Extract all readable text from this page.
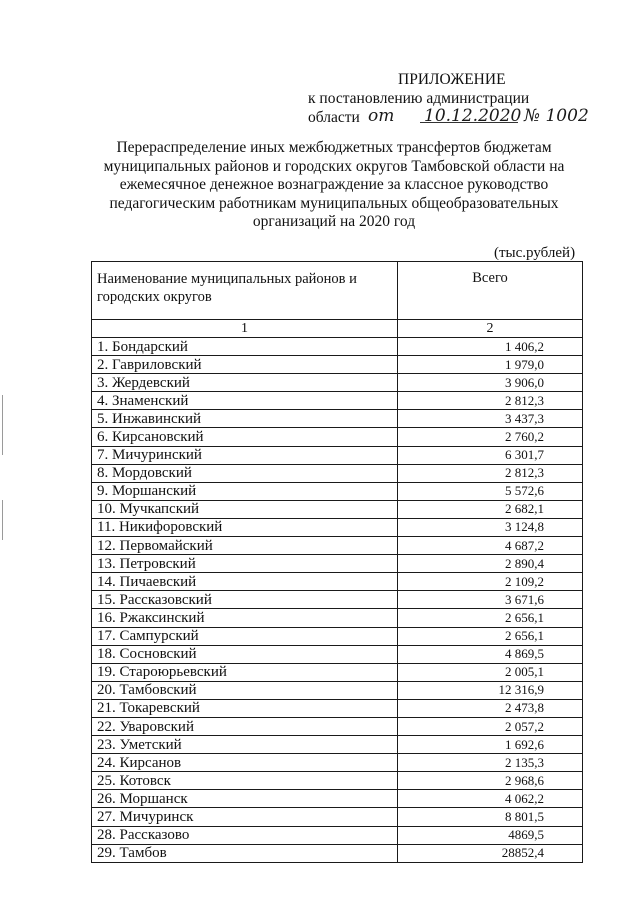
ПРИЛОЖЕНИЕ
к постановлению администрации области от 10.12.2020 № 1002
Перераспределение иных межбюджетных трансфертов бюджетам
муниципальных районов и городских округов Тамбовской области на
ежемесячное денежное вознаграждение за классное руководство
педагогическим работникам муниципальных общеобразовательных
организаций на 2020 год
(тыс.рублей)
Наименование муниципальных районов и городских округов	Всего
1	2
1. Бондарский	1 406,2
2. Гавриловский	1 979,0
3. Жердевский	3 906,0
4. Знаменский	2 812,3
5. Инжавинский	3 437,3
6. Кирсановский	2 760,2
7. Мичуринский	6 301,7
8. Мордовский	2 812,3
9. Моршанский	5 572,6
10. Мучкапский	2 682,1
11. Никифоровский	3 124,8
12. Первомайский	4 687,2
13. Петровский	2 890,4
14. Пичаевский	2 109,2
15. Рассказовский	3 671,6
16. Ржаксинский	2 656,1
17. Сампурский	2 656,1
18. Сосновский	4 869,5
19. Староюрьевский	2 005,1
20. Тамбовский	12 316,9
21. Токаревский	2 473,8
22. Уваровский	2 057,2
23. Уметский	1 692,6
24. Кирсанов	2 135,3
25. Котовск	2 968,6
26. Моршанск	4 062,2
27. Мичуринск	8 801,5
28. Рассказово	4869,5
29. Тамбов	28852,4
